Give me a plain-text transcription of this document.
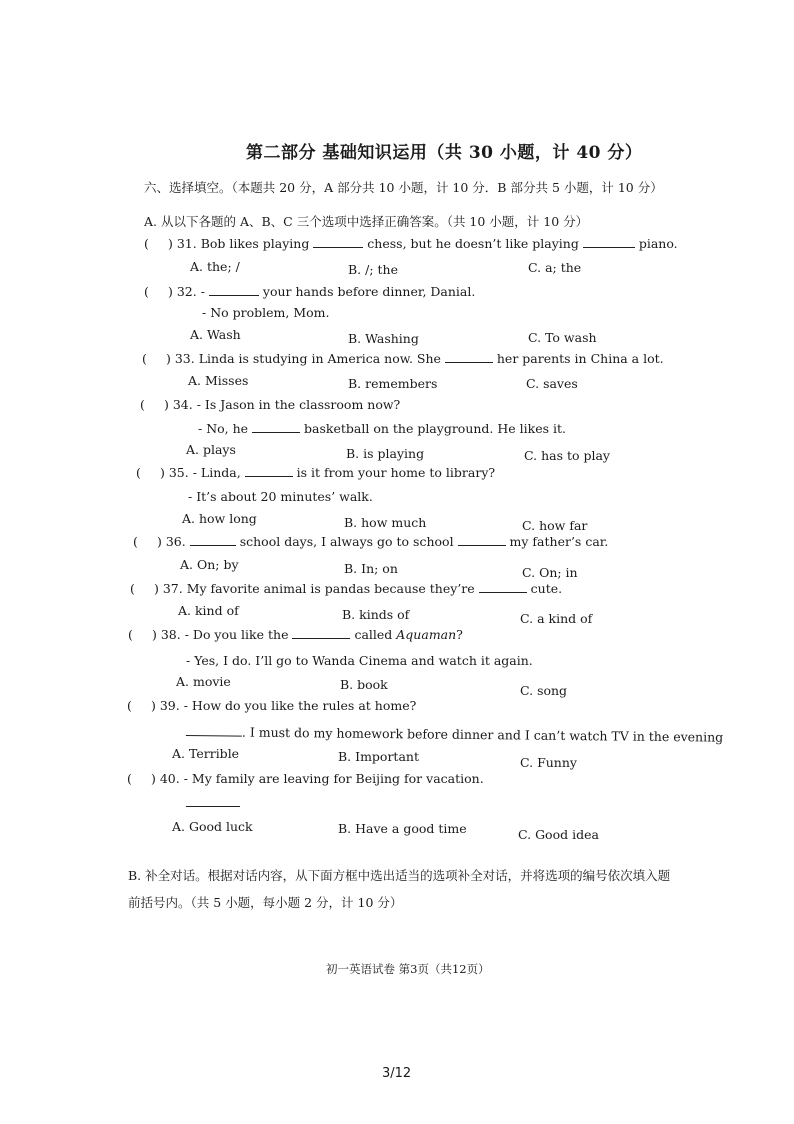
第二部分 基础知识运用（共 30 小题，计 40 分）
六、选择填空。（本题共 20 分，A 部分共 10 小题，计 10 分．B 部分共 5 小题，计 10 分）
A. 从以下各题的 A、B、C 三个选项中选择正确答案。（共 10 小题，计 10 分）
( ) 31. Bob likes playing	chess, but he doesn’t like playing	piano.
A. the; /	B. /; the	C. a; the
( ) 32. -	your hands before dinner, Danial.
- No problem, Mom.
A. Wash	B. Washing	C. To wash
( ) 33. Linda is studying in America now. She	her parents in China a lot.
A. Misses	B. remembers	C. saves
( ) 34. - Is Jason in the classroom now?
- No, he	basketball on the playground. He likes it.
A. plays	B. is playing	C. has to play
( ) 35. - Linda,	is it from your home to library?
- It’s about 20 minutes’ walk.
A. how long	B. how much	C. how far
( ) 36.	school days, I always go to school	my father’s car.
A. On; by	B. In; on	C. On; in
( ) 37. My favorite animal is pandas because they’re	cute.
A. kind of	B. kinds of	C. a kind of
( ) 38. - Do you like the	called Aquaman?
- Yes, I do. I’ll go to Wanda Cinema and watch it again.
A. movie	B. book	C. song
( ) 39. - How do you like the rules at home?
. I must do my homework before dinner and I can’t watch TV in the evening
A. Terrible	B. Important	C. Funny
( ) 40. - My family are leaving for Beijing for vacation.
A. Good luck	B. Have a good time	C. Good idea
B. 补全对话。根据对话内容，从下面方框中选出适当的选项补全对话，并将选项的编号依次填入题
前括号内。（共 5 小题，每小题 2 分，计 10 分）
初一英语试卷 第3页（共12页）
3/12
